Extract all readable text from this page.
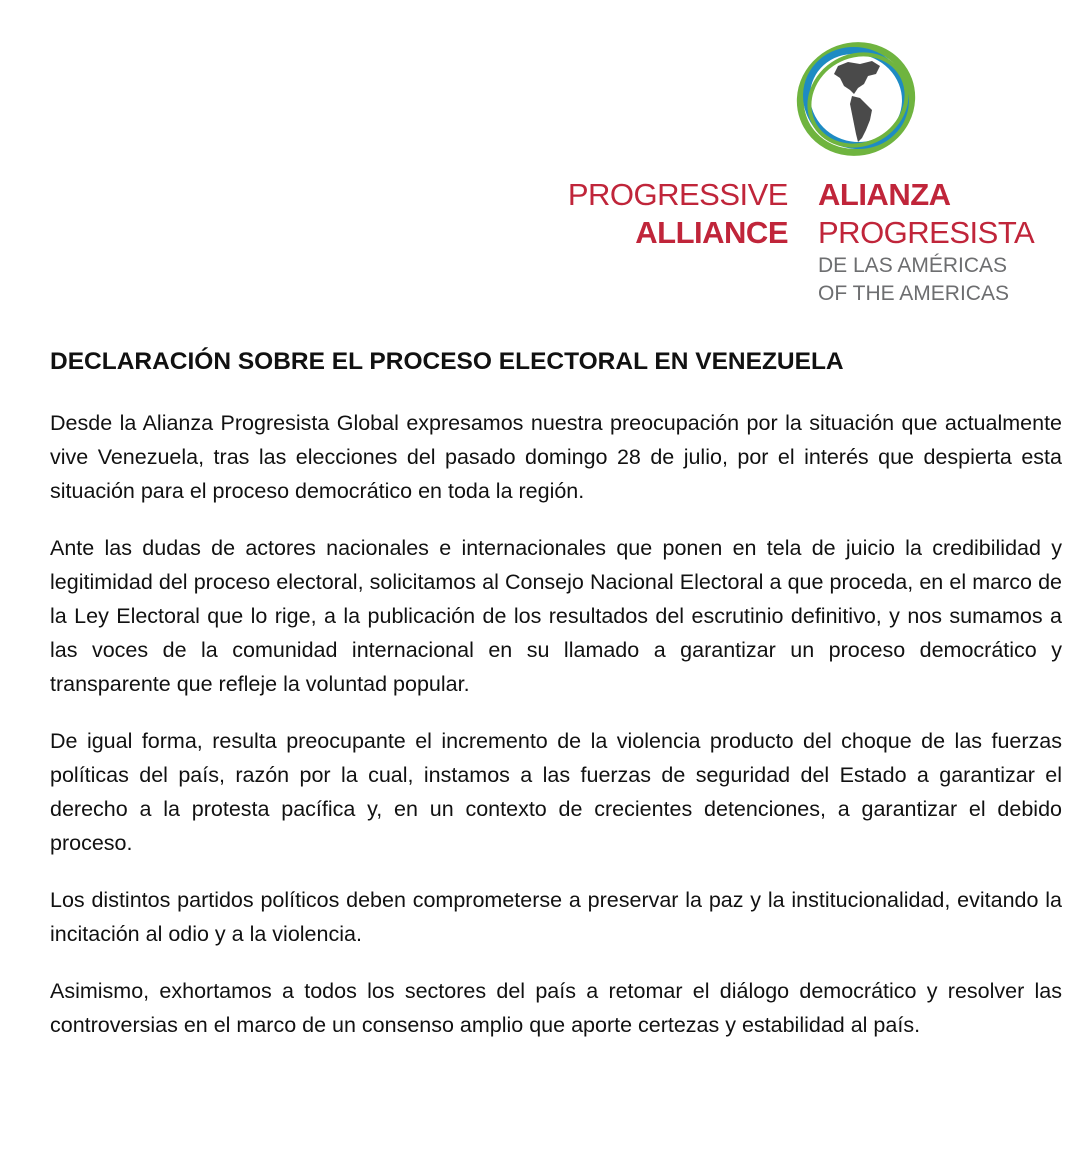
PROGRESSIVE
ALLIANCE
ALIANZA
PROGRESISTA
DE LAS AMÉRICAS
OF THE AMERICAS
DECLARACIÓN SOBRE EL PROCESO ELECTORAL EN VENEZUELA

Desde la Alianza Progresista Global expresamos nuestra preocupación por la situación que actualmente vive Venezuela, tras las elecciones del pasado domingo 28 de julio, por el interés que despierta esta situación para el proceso democrático en toda la región.

Ante las dudas de actores nacionales e internacionales que ponen en tela de juicio la credibilidad y legitimidad del proceso electoral, solicitamos al Consejo Nacional Electoral a que proceda, en el marco de la Ley Electoral que lo rige, a la publicación de los resultados del escrutinio definitivo, y nos sumamos a las voces de la comunidad internacional en su llamado a garantizar un proceso democrático y transparente que refleje la voluntad popular.

De igual forma, resulta preocupante el incremento de la violencia producto del choque de las fuerzas políticas del país, razón por la cual, instamos a las fuerzas de seguridad del Estado a garantizar el derecho a la protesta pacífica y, en un contexto de crecientes detenciones, a garantizar el debido proceso.

Los distintos partidos políticos deben comprometerse a preservar la paz y la institucionalidad, evitando la incitación al odio y a la violencia.

Asimismo, exhortamos a todos los sectores del país a retomar el diálogo democrático y resolver las controversias en el marco de un consenso amplio que aporte certezas y estabilidad al país.
